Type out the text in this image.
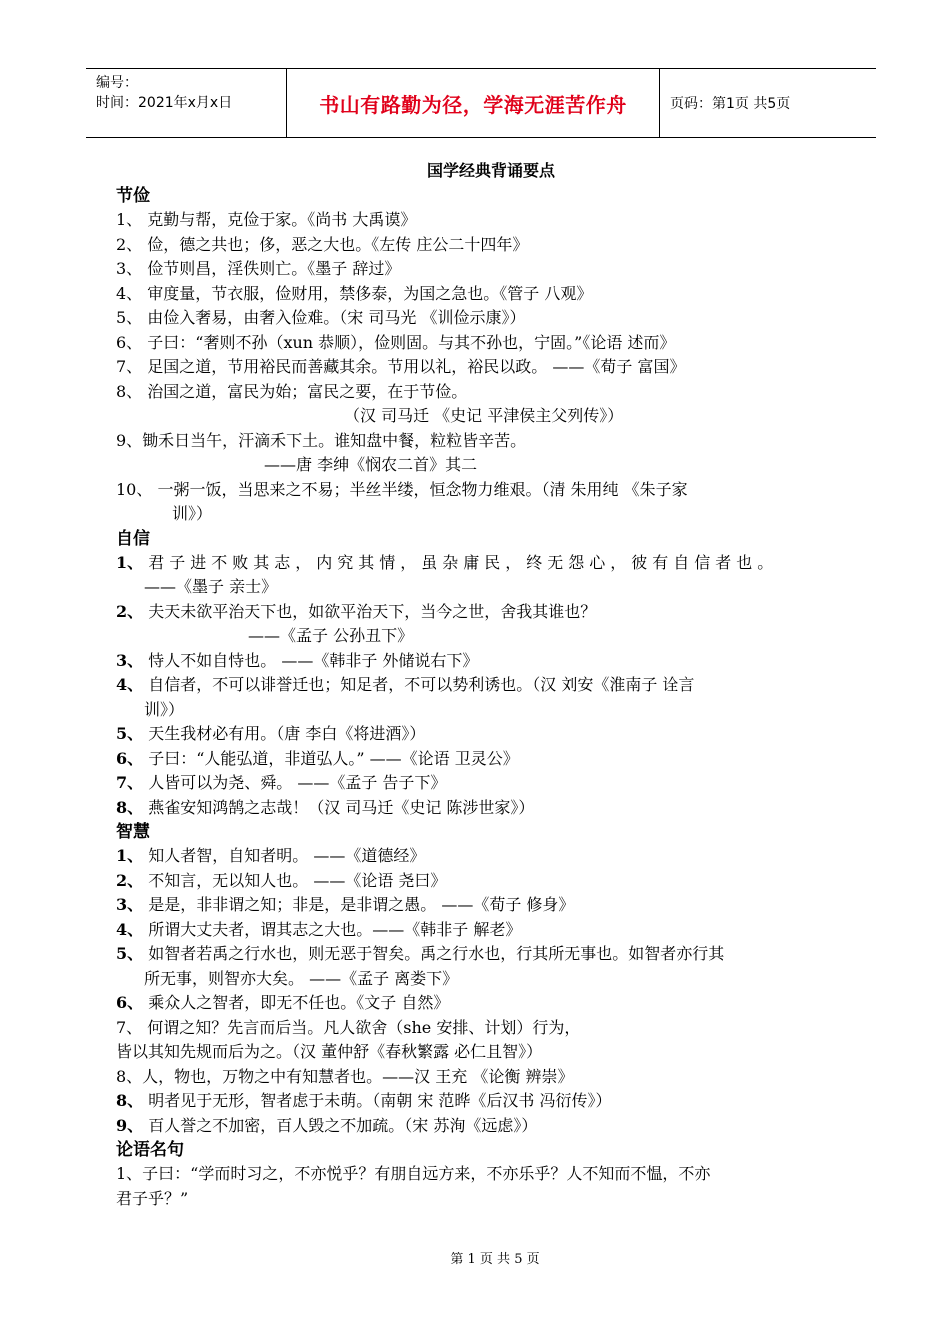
编号：
时间：2021年x月x日	书山有路勤为径，学海无涯苦作舟	页码：第1页 共5页
国学经典背诵要点
节俭
1、 克勤与帮，克俭于家。《尚书 大禹谟》
2、 俭，德之共也；侈，恶之大也。《左传 庄公二十四年》
3、 俭节则昌，淫佚则亡。《墨子 辞过》
4、 审度量，节衣服，俭财用，禁侈泰，为国之急也。《管子 八观》
5、 由俭入奢易，由奢入俭难。（宋 司马光 《训俭示康》）
6、 子曰：“奢则不孙（xun 恭顺），俭则固。与其不孙也，宁固。”《论语 述而》
7、 足国之道，节用裕民而善藏其余。节用以礼，裕民以政。 ——《荀子 富国》
8、 治国之道，富民为始；富民之要，在于节俭。
（汉 司马迁 《史记 平津侯主父列传》）
9、锄禾日当午，汗滴禾下土。谁知盘中餐，粒粒皆辛苦。
——唐 李绅《悯农二首》其二
10、 一粥一饭，当思来之不易；半丝半缕，恒念物力维艰。（清 朱用纯 《朱子家
训》）
自信
1、 君子进不败其志，内究其情，虽杂庸民，终无怨心，彼有自信者也。
——《墨子 亲士》
2、 夫天未欲平治天下也，如欲平治天下，当今之世，舍我其谁也？
——《孟子 公孙丑下》
3、 恃人不如自恃也。 ——《韩非子 外储说右下》
4、 自信者，不可以诽誉迁也；知足者，不可以势利诱也。（汉 刘安《淮南子 诠言
训》）
5、 天生我材必有用。（唐 李白《将进酒》）
6、 子曰：“人能弘道，非道弘人。” ——《论语 卫灵公》
7、 人皆可以为尧、舜。 ——《孟子 告子下》
8、 燕雀安知鸿鹄之志哉！（汉 司马迁《史记 陈涉世家》）
智慧
1、 知人者智，自知者明。 ——《道德经》
2、 不知言，无以知人也。 ——《论语 尧曰》
3、 是是，非非谓之知；非是，是非谓之愚。 ——《荀子 修身》
4、 所谓大丈夫者，谓其志之大也。——《韩非子 解老》
5、 如智者若禹之行水也，则无恶于智矣。禹之行水也，行其所无事也。如智者亦行其
所无事，则智亦大矣。 ——《孟子 离娄下》
6、 乘众人之智者，即无不任也。《文子 自然》
7、 何谓之知？先言而后当。凡人欲舍（she 安排、计划）行为，
皆以其知先规而后为之。（汉 董仲舒《春秋繁露 必仁且智》）
8、人，物也，万物之中有知慧者也。——汉 王充 《论衡 辨崇》
8、 明者见于无形，智者虑于未萌。（南朝 宋 范晔《后汉书 冯衍传》）
9、 百人誉之不加密，百人毁之不加疏。（宋 苏洵《远虑》）
论语名句
1、子曰：“学而时习之，不亦悦乎？有朋自远方来，不亦乐乎？人不知而不愠，不亦
君子乎？”
第 1 页 共 5 页
